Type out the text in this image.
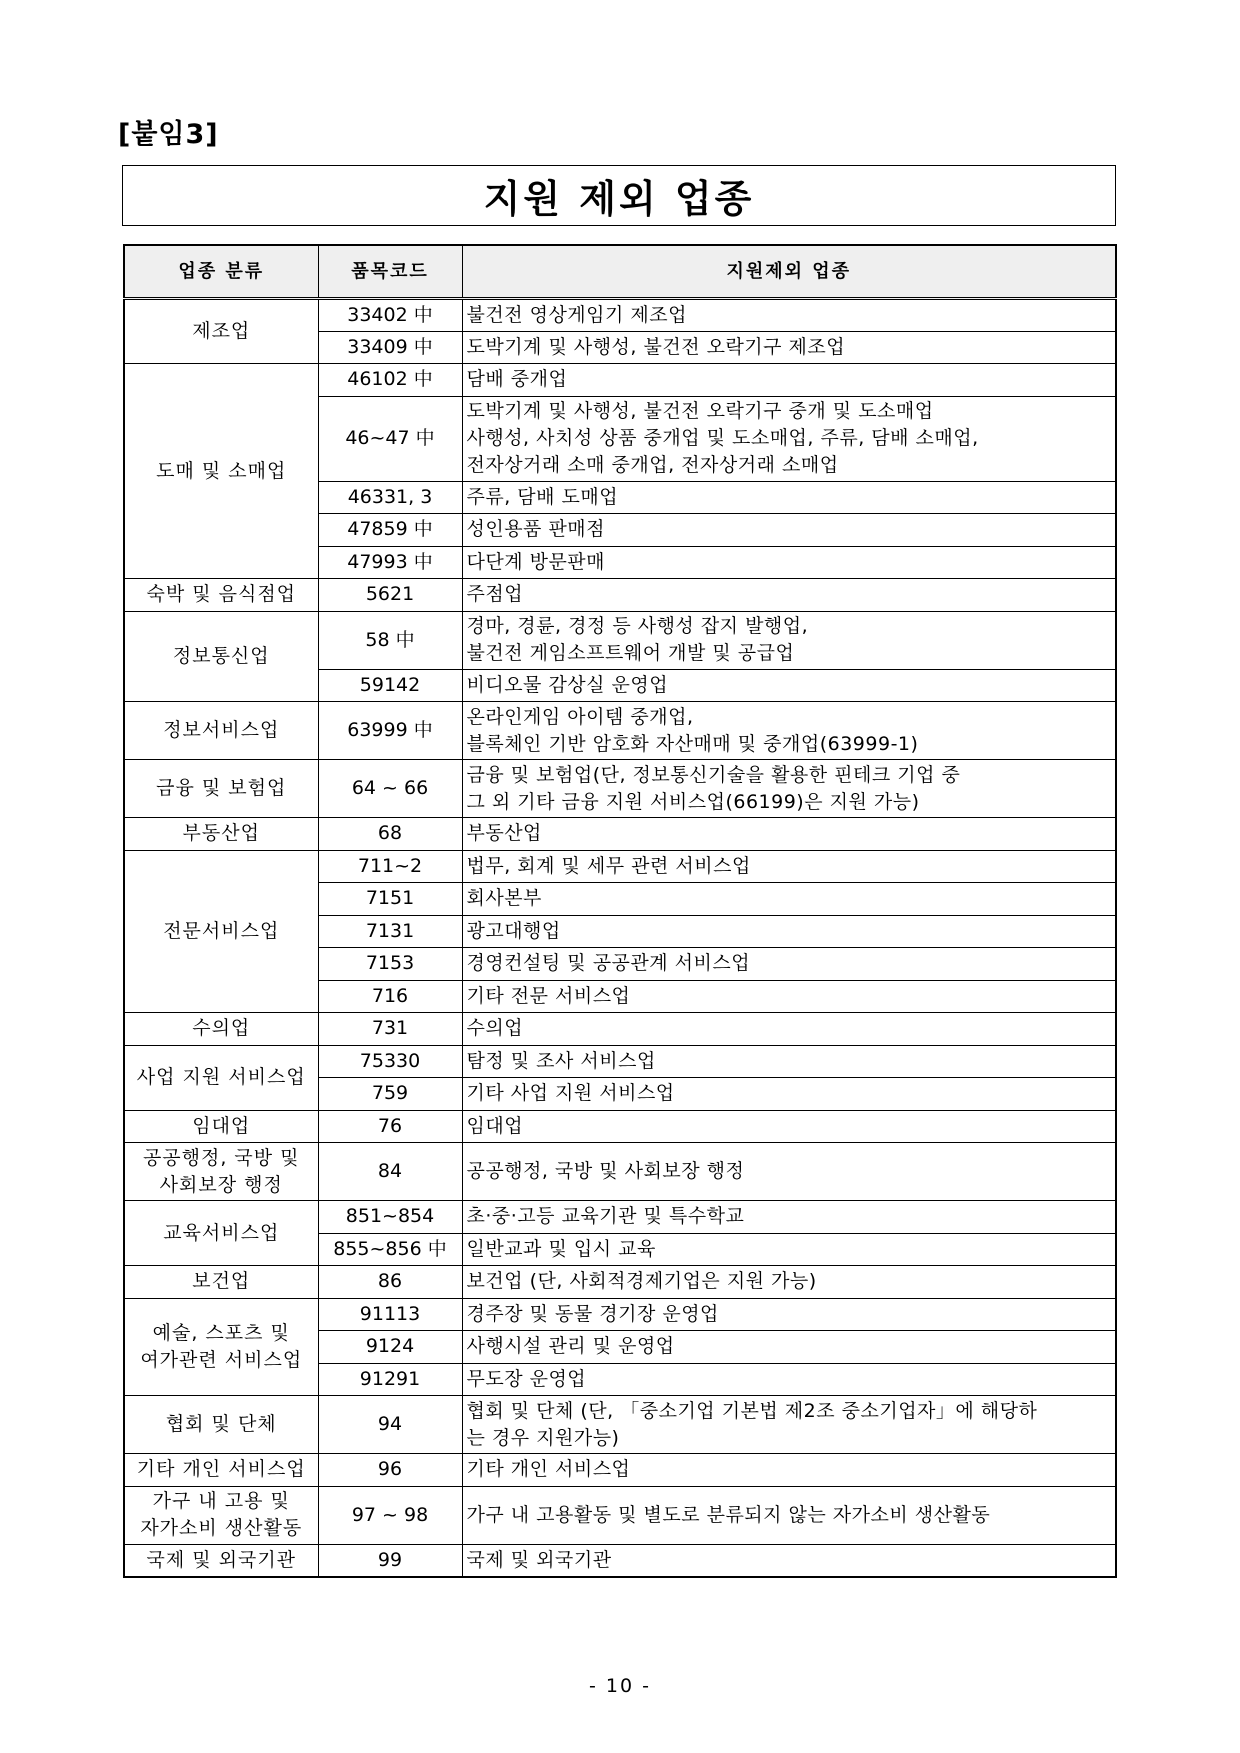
[붙임3]
지원 제외 업종
업종 분류	품목코드	지원제외 업종

제조업	33402 中	불건전 영상게임기 제조업

	33409 中	도박기계 및 사행성, 불건전 오락기구 제조업

도매 및 소매업	46102 中	담배 중개업

	46~47 中	도박기계 및 사행성, 불건전 오락기구 중개 및 도소매업
사행성, 사치성 상품 중개업 및 도소매업, 주류, 담배 소매업,
전자상거래 소매 중개업, 전자상거래 소매업

	46331, 3	주류, 담배 도매업

	47859 中	성인용품 판매점

	47993 中	다단계 방문판매

숙박 및 음식점업	5621	주점업

정보통신업	58 中	경마, 경륜, 경정 등 사행성 잡지 발행업,
불건전 게임소프트웨어 개발 및 공급업

	59142	비디오물 감상실 운영업

정보서비스업	63999 中	온라인게임 아이템 중개업,
블록체인 기반 암호화 자산매매 및 중개업(63999-1)

금융 및 보험업	64 ~ 66	금융 및 보험업(단, 정보통신기술을 활용한 핀테크 기업 중
그 외 기타 금융 지원 서비스업(66199)은 지원 가능)

부동산업	68	부동산업

전문서비스업	711~2	법무, 회계 및 세무 관련 서비스업

	7151	회사본부

	7131	광고대행업

	7153	경영컨설팅 및 공공관계 서비스업

	716	기타 전문 서비스업

수의업	731	수의업

사업 지원 서비스업	75330	탐정 및 조사 서비스업

	759	기타 사업 지원 서비스업

임대업	76	임대업

공공행정, 국방 및
사회보장 행정	84	공공행정, 국방 및 사회보장 행정

교육서비스업	851~854	초·중·고등 교육기관 및 특수학교

	855~856 中	일반교과 및 입시 교육

보건업	86	보건업 (단, 사회적경제기업은 지원 가능)

예술, 스포츠 및
여가관련 서비스업	91113	경주장 및 동물 경기장 운영업

	9124	사행시설 관리 및 운영업

	91291	무도장 운영업

협회 및 단체	94	협회 및 단체 (단, 「중소기업 기본법 제2조 중소기업자」에 해당하
는 경우 지원가능)

기타 개인 서비스업	96	기타 개인 서비스업

가구 내 고용 및
자가소비 생산활동	97 ~ 98	가구 내 고용활동 및 별도로 분류되지 않는 자가소비 생산활동

국제 및 외국기관	99	국제 및 외국기관
- 10 -
